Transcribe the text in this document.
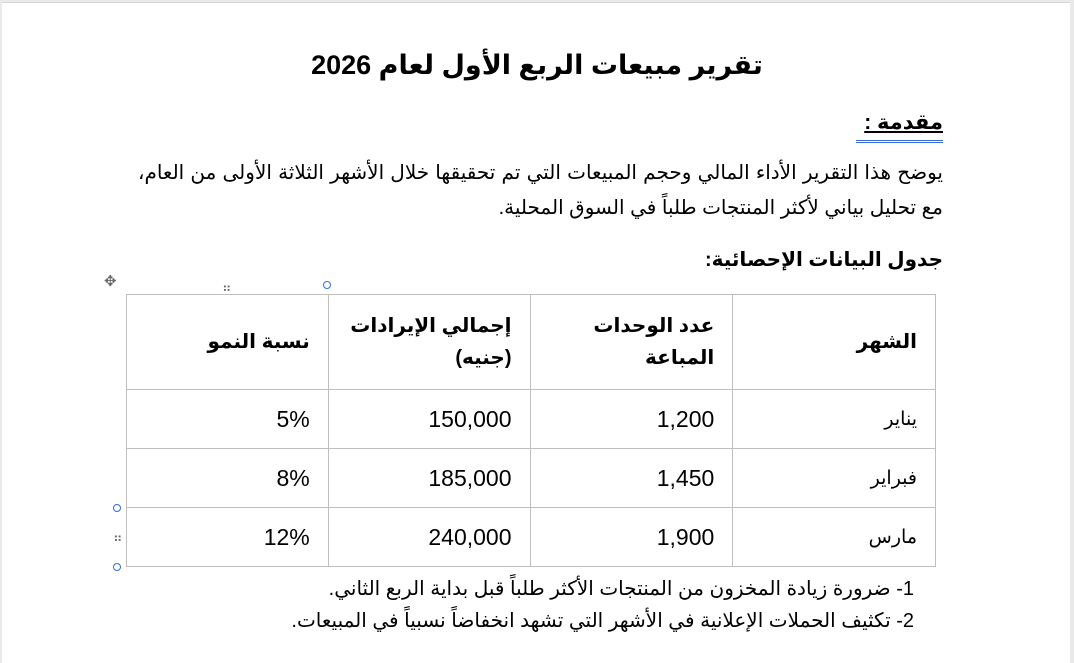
تقرير مبيعات الربع الأول لعام 2026
مقدمة :
يوضح هذا التقرير الأداء المالي وحجم المبيعات التي تم تحقيقها خلال الأشهر الثلاثة الأولى من العام، مع تحليل بياني لأكثر المنتجات طلباً في السوق المحلية.
جدول البيانات الإحصائية:
✥	⠶
⠶
الشهر	عدد الوحدات المباعة	إجمالي الإيرادات (جنيه)	نسبة النمو
يناير	1,200	150,000	5%
فبراير	1,450	185,000	8%
مارس	1,900	240,000	12%
1- ضرورة زيادة المخزون من المنتجات الأكثر طلباً قبل بداية الربع الثاني.
2- تكثيف الحملات الإعلانية في الأشهر التي تشهد انخفاضاً نسبياً في المبيعات.
